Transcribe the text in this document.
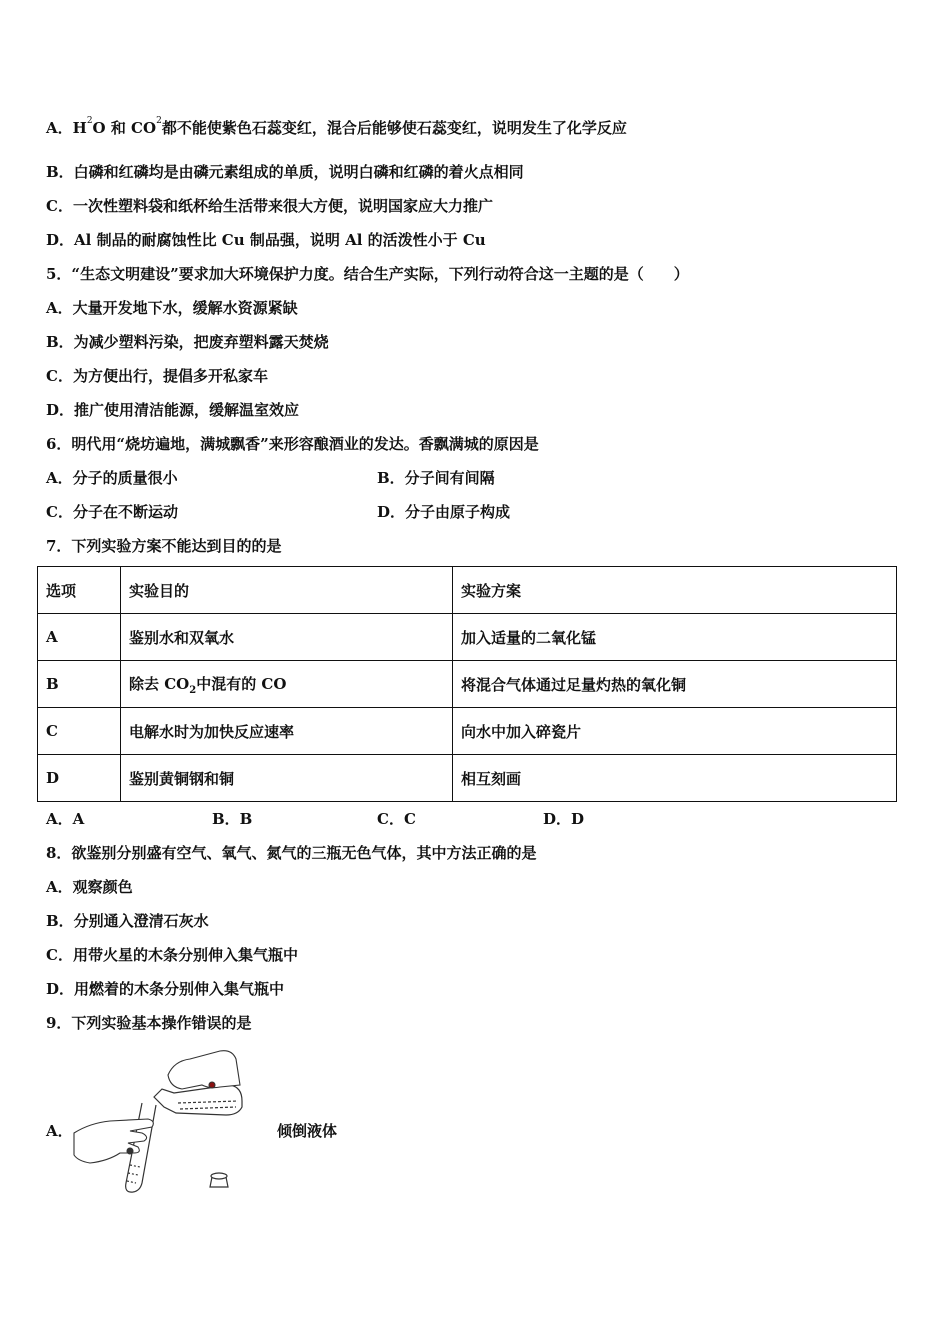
A．$H^2O$ 和 $CO^2$都不能使紫色石蕊变红，混合后能够使石蕊变红，说明发生了化学反应
B．白磷和红磷均是由磷元素组成的单质，说明白磷和红磷的着火点相同
C．一次性塑料袋和纸杯给生活带来很大方便，说明国家应大力推广
D．Al 制品的耐腐蚀性比 Cu 制品强，说明 Al 的活泼性小于 Cu
5．“生态文明建设”要求加大环境保护力度。结合生产实际，下列行动符合这一主题的是（　　）
A．大量开发地下水，缓解水资源紧缺
B．为减少塑料污染，把废弃塑料露天焚烧
C．为方便出行，提倡多开私家车
D．推广使用清洁能源，缓解温室效应
6．明代用“烧坊遍地，满城飘香”来形容酿酒业的发达。香飘满城的原因是
A．分子的质量很小	B．分子间有间隔
C．分子在不断运动	D．分子由原子构成
7．下列实验方案不能达到目的的是
选项	实验目的	实验方案
A	鉴别水和双氧水	加入适量的二氧化锰
B	除去 $CO_2$中混有的 CO	将混合气体通过足量灼热的氧化铜
C	电解水时为加快反应速率	向水中加入碎瓷片
D	鉴别黄铜钢和铜	相互刻画
A．A	B．B	C．C	D．D
8．欲鉴别分别盛有空气、氧气、氮气的三瓶无色气体，其中方法正确的是
A．观察颜色
B．分别通入澄清石灰水
C．用带火星的木条分别伸入集气瓶中
D．用燃着的木条分别伸入集气瓶中
9．下列实验基本操作错误的是
A．	倾倒液体
